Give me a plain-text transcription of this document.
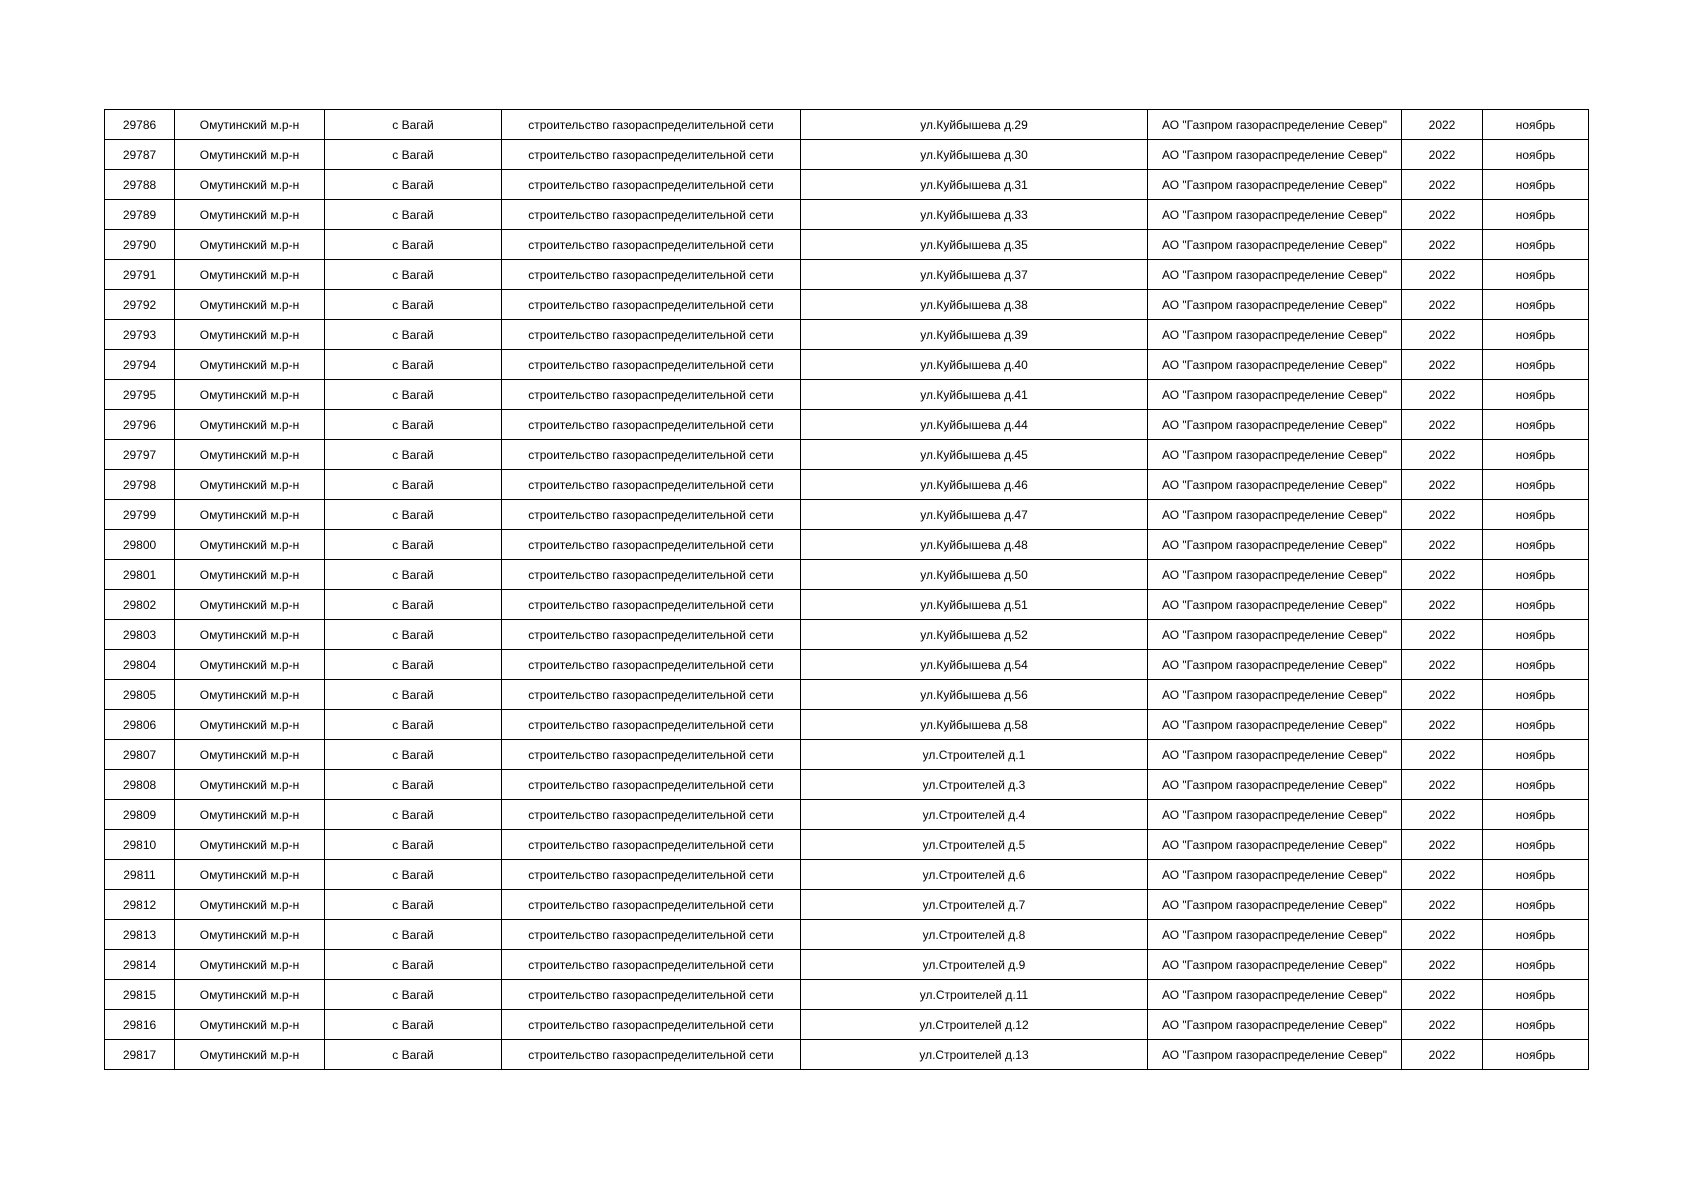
29786	Омутинский м.р-н	с Вагай	строительство газораспределительной сети	ул.Куйбышева д.29	АО "Газпром газораспределение Север"	2022	ноябрь
29787	Омутинский м.р-н	с Вагай	строительство газораспределительной сети	ул.Куйбышева д.30	АО "Газпром газораспределение Север"	2022	ноябрь
29788	Омутинский м.р-н	с Вагай	строительство газораспределительной сети	ул.Куйбышева д.31	АО "Газпром газораспределение Север"	2022	ноябрь
29789	Омутинский м.р-н	с Вагай	строительство газораспределительной сети	ул.Куйбышева д.33	АО "Газпром газораспределение Север"	2022	ноябрь
29790	Омутинский м.р-н	с Вагай	строительство газораспределительной сети	ул.Куйбышева д.35	АО "Газпром газораспределение Север"	2022	ноябрь
29791	Омутинский м.р-н	с Вагай	строительство газораспределительной сети	ул.Куйбышева д.37	АО "Газпром газораспределение Север"	2022	ноябрь
29792	Омутинский м.р-н	с Вагай	строительство газораспределительной сети	ул.Куйбышева д.38	АО "Газпром газораспределение Север"	2022	ноябрь
29793	Омутинский м.р-н	с Вагай	строительство газораспределительной сети	ул.Куйбышева д.39	АО "Газпром газораспределение Север"	2022	ноябрь
29794	Омутинский м.р-н	с Вагай	строительство газораспределительной сети	ул.Куйбышева д.40	АО "Газпром газораспределение Север"	2022	ноябрь
29795	Омутинский м.р-н	с Вагай	строительство газораспределительной сети	ул.Куйбышева д.41	АО "Газпром газораспределение Север"	2022	ноябрь
29796	Омутинский м.р-н	с Вагай	строительство газораспределительной сети	ул.Куйбышева д.44	АО "Газпром газораспределение Север"	2022	ноябрь
29797	Омутинский м.р-н	с Вагай	строительство газораспределительной сети	ул.Куйбышева д.45	АО "Газпром газораспределение Север"	2022	ноябрь
29798	Омутинский м.р-н	с Вагай	строительство газораспределительной сети	ул.Куйбышева д.46	АО "Газпром газораспределение Север"	2022	ноябрь
29799	Омутинский м.р-н	с Вагай	строительство газораспределительной сети	ул.Куйбышева д.47	АО "Газпром газораспределение Север"	2022	ноябрь
29800	Омутинский м.р-н	с Вагай	строительство газораспределительной сети	ул.Куйбышева д.48	АО "Газпром газораспределение Север"	2022	ноябрь
29801	Омутинский м.р-н	с Вагай	строительство газораспределительной сети	ул.Куйбышева д.50	АО "Газпром газораспределение Север"	2022	ноябрь
29802	Омутинский м.р-н	с Вагай	строительство газораспределительной сети	ул.Куйбышева д.51	АО "Газпром газораспределение Север"	2022	ноябрь
29803	Омутинский м.р-н	с Вагай	строительство газораспределительной сети	ул.Куйбышева д.52	АО "Газпром газораспределение Север"	2022	ноябрь
29804	Омутинский м.р-н	с Вагай	строительство газораспределительной сети	ул.Куйбышева д.54	АО "Газпром газораспределение Север"	2022	ноябрь
29805	Омутинский м.р-н	с Вагай	строительство газораспределительной сети	ул.Куйбышева д.56	АО "Газпром газораспределение Север"	2022	ноябрь
29806	Омутинский м.р-н	с Вагай	строительство газораспределительной сети	ул.Куйбышева д.58	АО "Газпром газораспределение Север"	2022	ноябрь
29807	Омутинский м.р-н	с Вагай	строительство газораспределительной сети	ул.Строителей д.1	АО "Газпром газораспределение Север"	2022	ноябрь
29808	Омутинский м.р-н	с Вагай	строительство газораспределительной сети	ул.Строителей д.3	АО "Газпром газораспределение Север"	2022	ноябрь
29809	Омутинский м.р-н	с Вагай	строительство газораспределительной сети	ул.Строителей д.4	АО "Газпром газораспределение Север"	2022	ноябрь
29810	Омутинский м.р-н	с Вагай	строительство газораспределительной сети	ул.Строителей д.5	АО "Газпром газораспределение Север"	2022	ноябрь
29811	Омутинский м.р-н	с Вагай	строительство газораспределительной сети	ул.Строителей д.6	АО "Газпром газораспределение Север"	2022	ноябрь
29812	Омутинский м.р-н	с Вагай	строительство газораспределительной сети	ул.Строителей д.7	АО "Газпром газораспределение Север"	2022	ноябрь
29813	Омутинский м.р-н	с Вагай	строительство газораспределительной сети	ул.Строителей д.8	АО "Газпром газораспределение Север"	2022	ноябрь
29814	Омутинский м.р-н	с Вагай	строительство газораспределительной сети	ул.Строителей д.9	АО "Газпром газораспределение Север"	2022	ноябрь
29815	Омутинский м.р-н	с Вагай	строительство газораспределительной сети	ул.Строителей д.11	АО "Газпром газораспределение Север"	2022	ноябрь
29816	Омутинский м.р-н	с Вагай	строительство газораспределительной сети	ул.Строителей д.12	АО "Газпром газораспределение Север"	2022	ноябрь
29817	Омутинский м.р-н	с Вагай	строительство газораспределительной сети	ул.Строителей д.13	АО "Газпром газораспределение Север"	2022	ноябрь
